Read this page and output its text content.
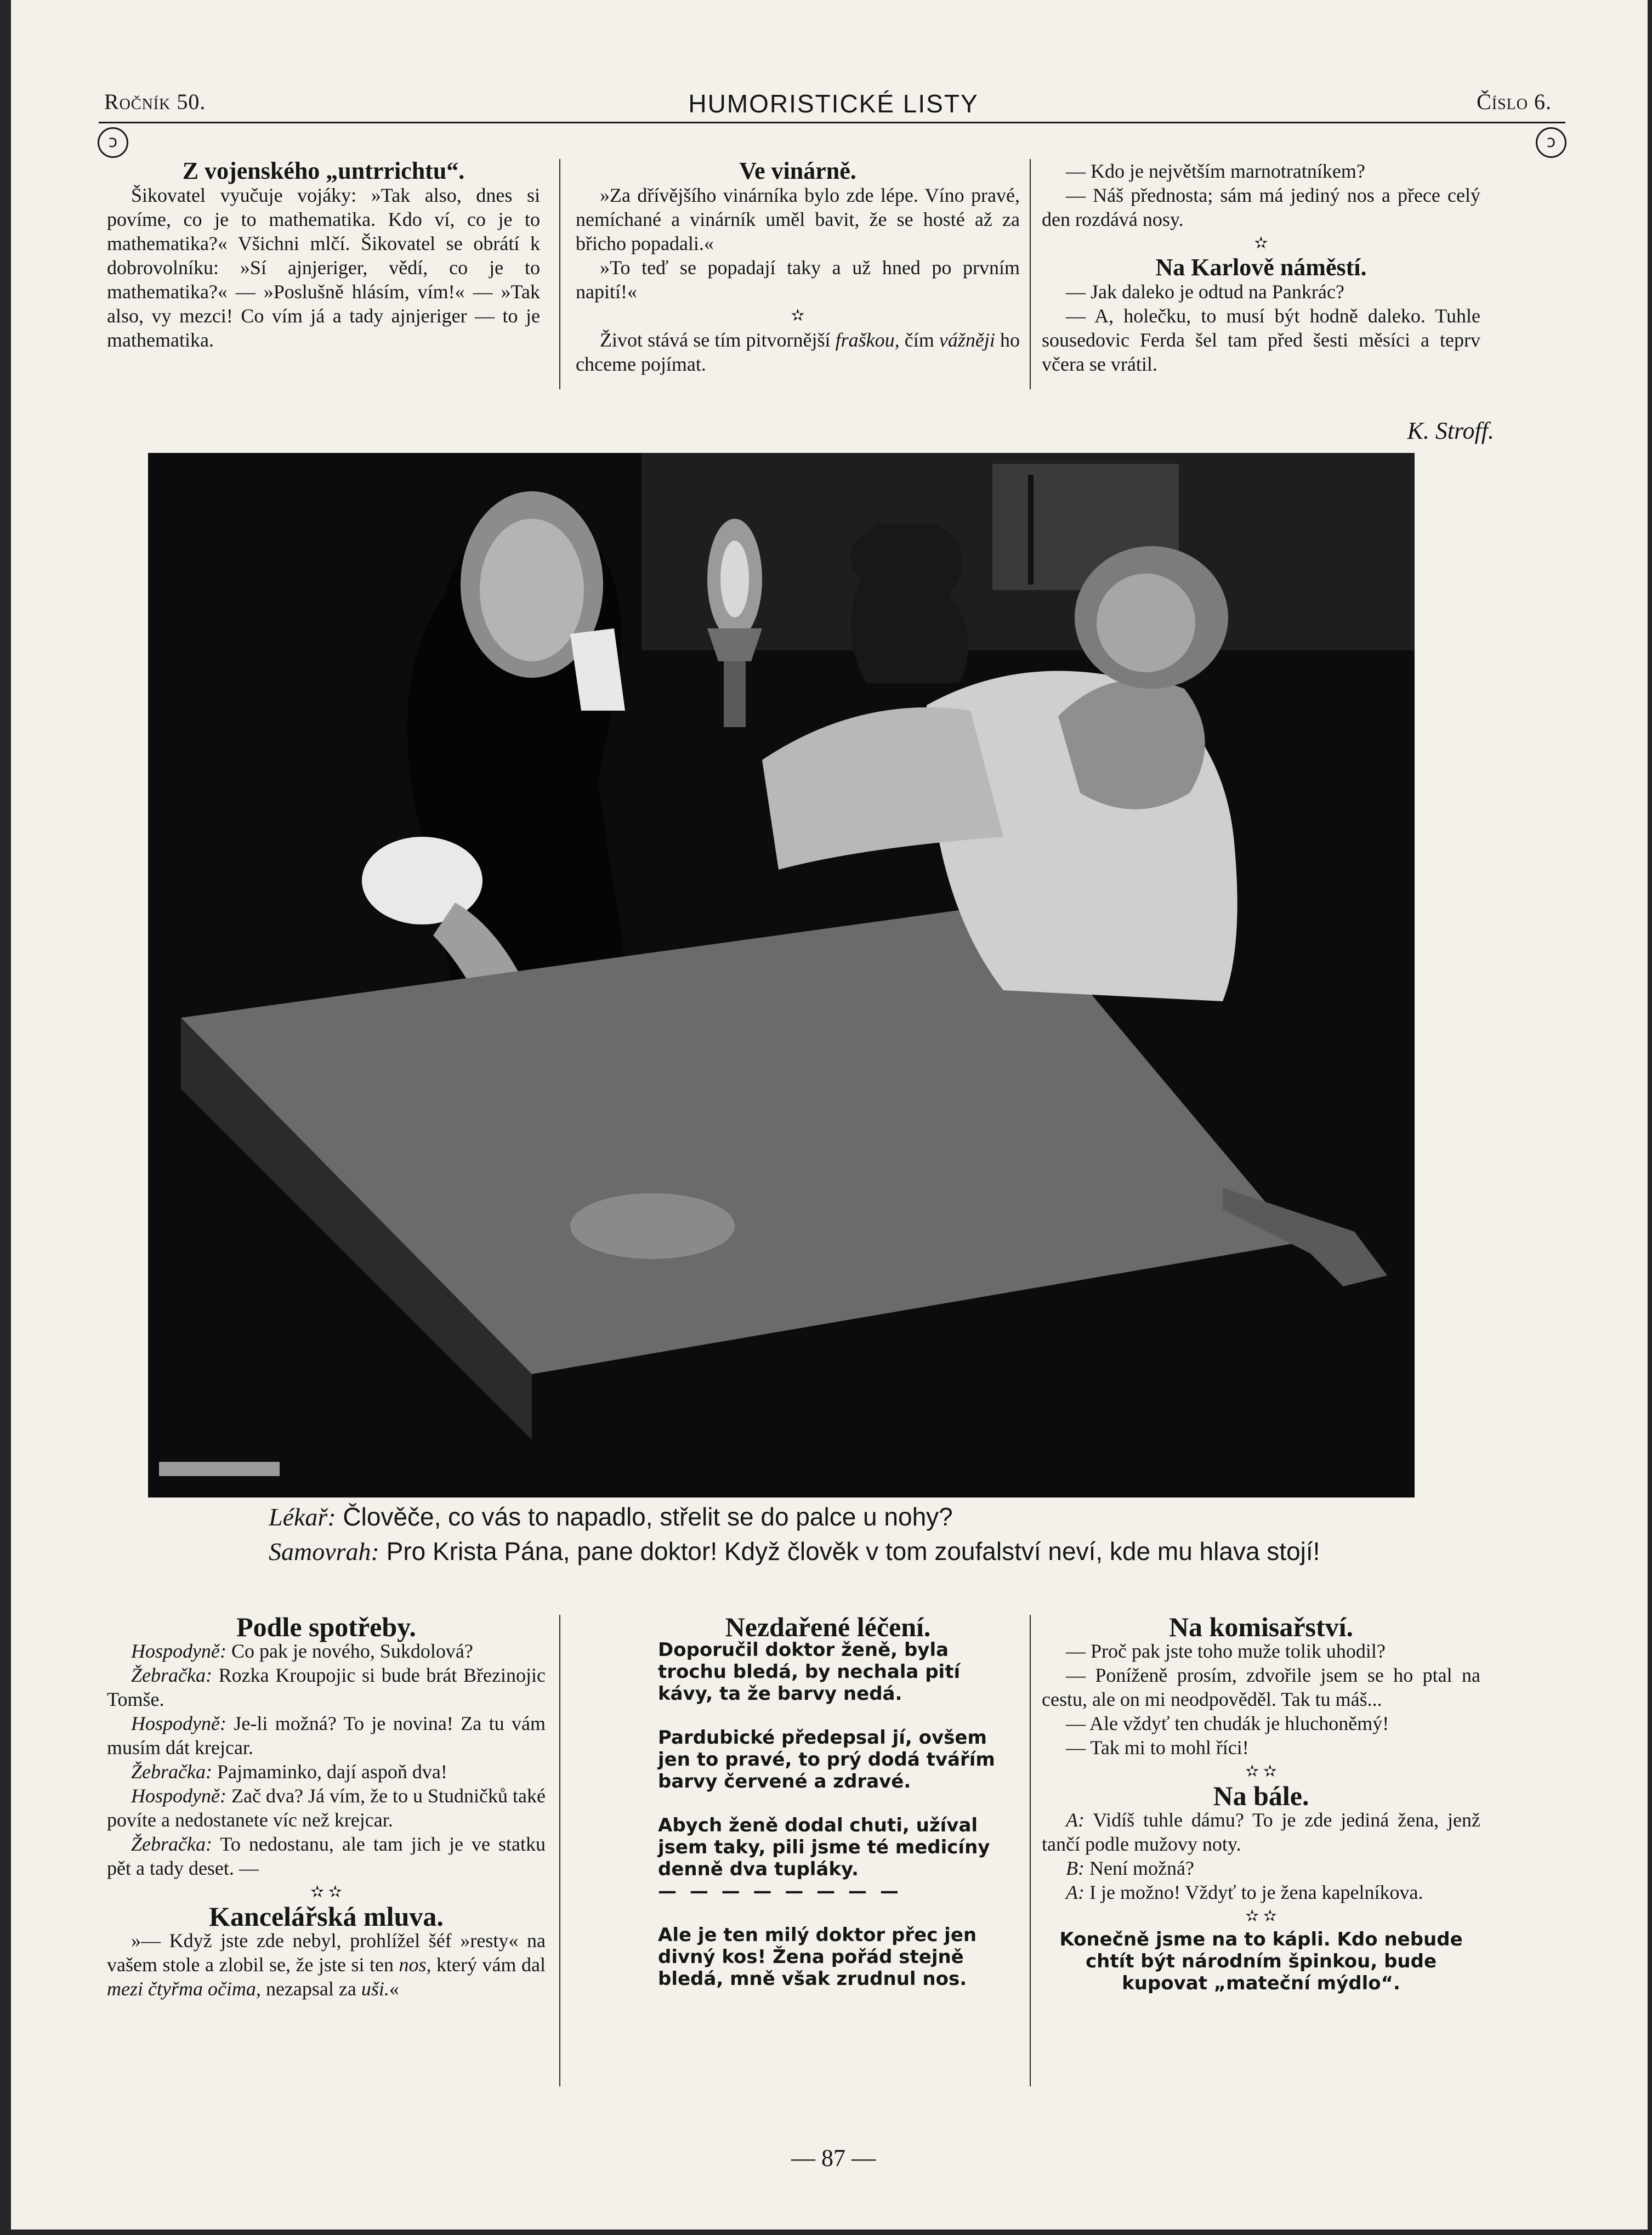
Ročník 50.	HUMORISTICKÉ LISTY	Číslo 6.
ↄ	ↄ

Z vojenského „untrrichtu“.

Šikovatel vyučuje vojáky: »Tak also, dnes si povíme, co je to mathematika. Kdo ví, co je to mathematika?« Všichni mlčí. Šikovatel se obrátí k dobrovolníku: »Sí ajnjeriger, vědí, co je to mathematika?« — »Poslušně hlásím, vím!« — »Tak also, vy mezci! Co vím já a tady ajnjeriger — to je mathematika.

Ve vinárně.

»Za dřívějšího vinárníka bylo zde lépe. Víno pravé, nemíchané a vinárník uměl bavit, že se hosté až za břicho popadali.«

»To teď se popadají taky a už hned po prvním napití!«

✫

Život stává se tím pitvornější fraškou, čím vážněji ho chceme pojímat.

— Kdo je největším marnotratníkem?

— Náš přednosta; sám má jediný nos a přece celý den rozdává nosy.

✫

Na Karlově náměstí.

— Jak daleko je odtud na Pankrác?

— A, holečku, to musí být hodně daleko. Tuhle sousedovic Ferda šel tam před šesti měsíci a teprv včera se vrátil.

K. Stroff.
Lékař: Člověče, co vás to napadlo, střelit se do palce u nohy?
Samovrah: Pro Krista Pána, pane doktor! Když člověk v tom zoufalství neví, kde mu hlava stojí!

Podle spotřeby.

Hospodyně: Co pak je nového, Sukdolová?

Žebračka: Rozka Kroupojic si bude brát Březinojic Tomše.

Hospodyně: Je-li možná? To je novina! Za tu vám musím dát krejcar.

Žebračka: Pajmaminko, dají aspoň dva!

Hospodyně: Zač dva? Já vím, že to u Studničků také povíte a nedostanete víc než krejcar.

Žebračka: To nedostanu, ale tam jich je ve statku pět a tady deset. —

✫ ✫

Kancelářská mluva.

»— Když jste zde nebyl, prohlížel šéf »resty« na vašem stole a zlobil se, že jste si ten nos, který vám dal mezi čtyřma očima, nezapsal za uši.«

Nezdařené léčení.

Doporučil doktor ženě, byla trochu bledá, by nechala pití kávy, ta že barvy nedá.

Pardubické předepsal jí, ovšem jen to pravé, to prý dodá tvářím barvy červené a zdravé.

Abych ženě dodal chuti, užíval jsem taky, pili jsme té medicíny denně dva tupláky.

— — — — — — — —

Ale je ten milý doktor přec jen divný kos! Žena pořád stejně bledá, mně však zrudnul nos.

Na komisařství.

— Proč pak jste toho muže tolik uhodil?

— Poníženě prosím, zdvořile jsem se ho ptal na cestu, ale on mi neodpověděl. Tak tu máš...

— Ale vždyť ten chudák je hluchoněmý!

— Tak mi to mohl říci!

✫ ✫

Na bále.

A: Vidíš tuhle dámu? To je zde jediná žena, jenž tančí podle mužovy noty.

B: Není možná?

A: I je možno! Vždyť to je žena kapelníkova.

✫ ✫

Konečně jsme na to kápli. Kdo nebude chtít být národním špinkou, bude kupovat „mateční mýdlo“.

— 87 —
